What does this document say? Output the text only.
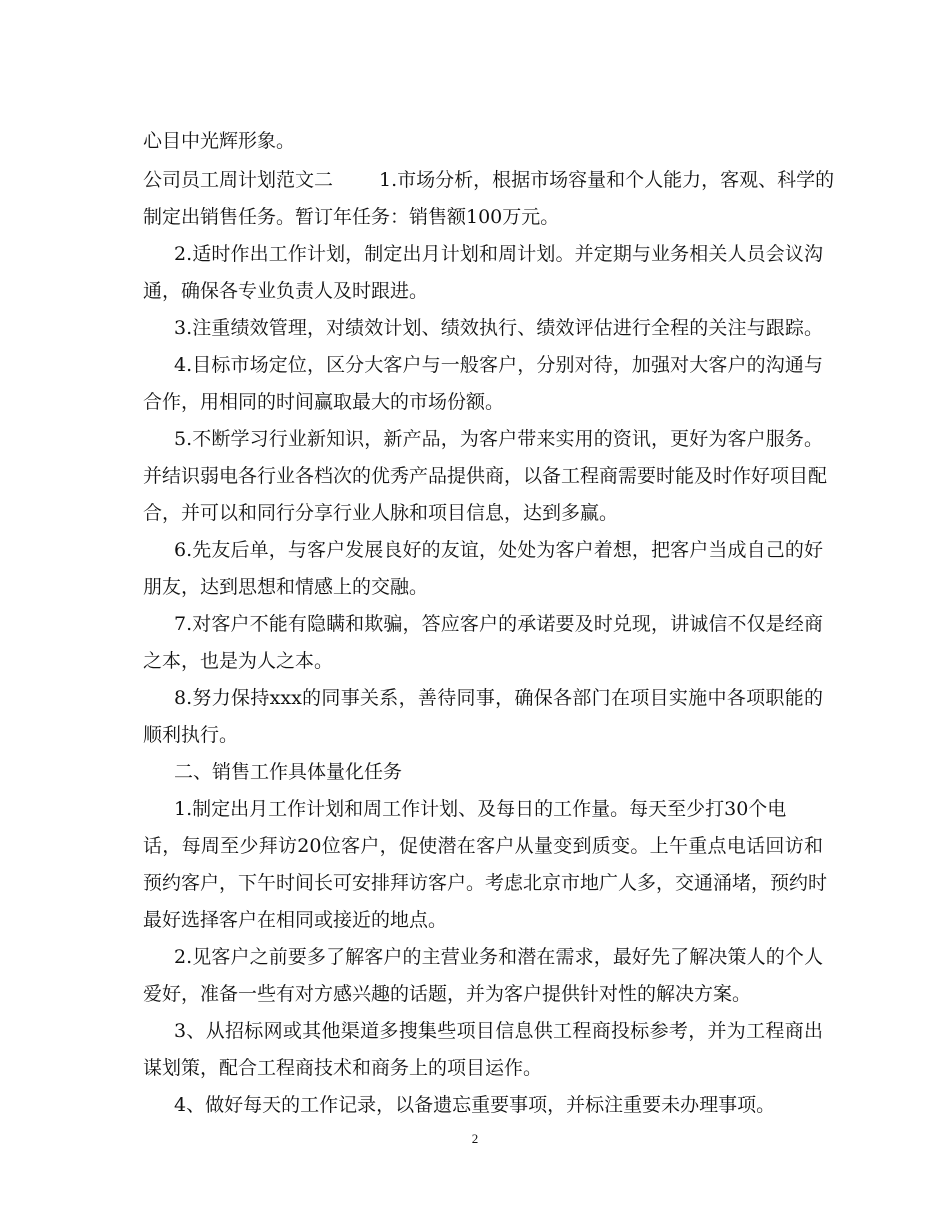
心目中光辉形象。
公司员工周计划范文二 1.市场分析，根据市场容量和个人能力，客观、科学的
制定出销售任务。暂订年任务：销售额100万元。
2.适时作出工作计划，制定出月计划和周计划。并定期与业务相关人员会议沟
通，确保各专业负责人及时跟进。
3.注重绩效管理，对绩效计划、绩效执行、绩效评估进行全程的关注与跟踪。
4.目标市场定位，区分大客户与一般客户，分别对待，加强对大客户的沟通与
合作，用相同的时间赢取最大的市场份额。
5.不断学习行业新知识，新产品，为客户带来实用的资讯，更好为客户服务。
并结识弱电各行业各档次的优秀产品提供商，以备工程商需要时能及时作好项目配
合，并可以和同行分享行业人脉和项目信息，达到多赢。
6.先友后单，与客户发展良好的友谊，处处为客户着想，把客户当成自己的好
朋友，达到思想和情感上的交融。
7.对客户不能有隐瞒和欺骗，答应客户的承诺要及时兑现，讲诚信不仅是经商
之本，也是为人之本。
8.努力保持xxx的同事关系，善待同事，确保各部门在项目实施中各项职能的
顺利执行。
二、销售工作具体量化任务
1.制定出月工作计划和周工作计划、及每日的工作量。每天至少打30个电
话，每周至少拜访20位客户，促使潜在客户从量变到质变。上午重点电话回访和
预约客户，下午时间长可安排拜访客户。考虑北京市地广人多，交通涌堵，预约时
最好选择客户在相同或接近的地点。
2.见客户之前要多了解客户的主营业务和潜在需求，最好先了解决策人的个人
爱好，准备一些有对方感兴趣的话题，并为客户提供针对性的解决方案。
3、从招标网或其他渠道多搜集些项目信息供工程商投标参考，并为工程商出
谋划策，配合工程商技术和商务上的项目运作。
4、做好每天的工作记录，以备遗忘重要事项，并标注重要未办理事项。
2
